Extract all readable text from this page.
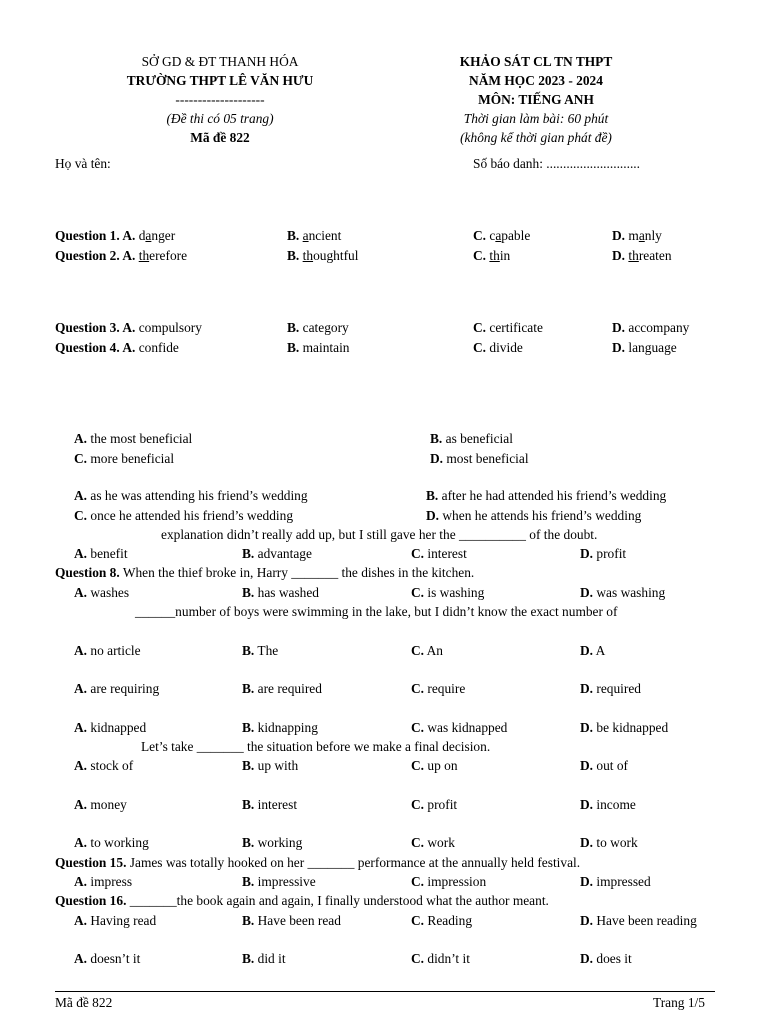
SỞ GD & ĐT THANH HÓA
TRƯỜNG THPT LÊ VĂN HƯU
--------------------
(Đề thi có 05 trang)
Mã đề 822
KHẢO SÁT CL TN THPT
NĂM HỌC 2023 - 2024
MÔN: TIẾNG ANH
Thời gian làm bài: 60 phút
(không kể thời gian phát đề)
Họ và tên:	Số báo danh: ............................
Question 1. A. danger	B. ancient	C. capable	D. manly
Question 2. A. therefore	B. thoughtful	C. thin	D. threaten
Question 3. A. compulsory	B. category	C. certificate	D. accompany
Question 4. A. confide	B. maintain	C. divide	D. language
A. the most beneficial	B. as beneficial
C. more beneficial	D. most beneficial
A. as he was attending his friend’s wedding	B. after he had attended his friend’s wedding
C. once he attended his friend’s wedding	D. when he attends his friend’s wedding
explanation didn’t really add up, but I still gave her the __________ of the doubt.
A. benefit	B. advantage	C. interest	D. profit
Question 8. When the thief broke in, Harry _______ the dishes in the kitchen.
A. washes	B. has washed	C. is washing	D. was washing
______number of boys were swimming in the lake, but I didn’t know the exact number of
A. no article	B. The	C. An	D. A
A. are requiring	B. are required	C. require	D. required
A. kidnapped	B. kidnapping	C. was kidnapped	D. be kidnapped
Let’s take _______ the situation before we make a final decision.
A. stock of	B. up with	C. up on	D. out of
A. money	B. interest	C. profit	D. income
A. to working	B. working	C. work	D. to work
Question 15. James was totally hooked on her _______ performance at the annually held festival.
A. impress	B. impressive	C. impression	D. impressed
Question 16. _______the book again and again, I finally understood what the author meant.
A. Having read	B. Have been read	C. Reading	D. Have been reading
A. doesn’t it	B. did it	C. didn’t it	D. does it
Mã đề 822	Trang 1/5
